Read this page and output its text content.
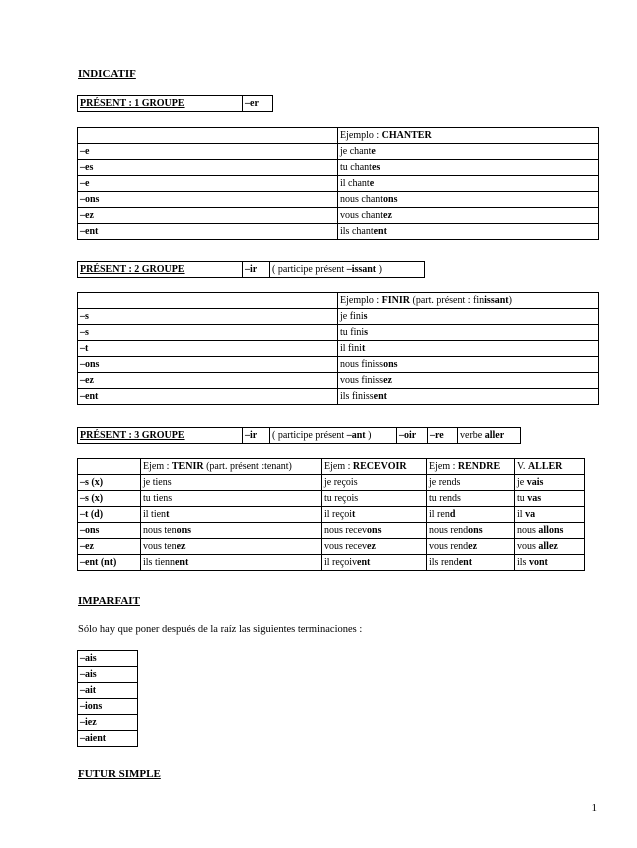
INDICATIF
PRÉSENT : 1 GROUPE	–er
	Ejemplo : CHANTER
–e	je chante
–es	tu chantes
–e	il chante
–ons	nous chantons
–ez	vous chantez
–ent	ils chantent
PRÉSENT : 2 GROUPE	–ir	( participe présent –issant )
	Ejemplo : FINIR (part. présent : finissant)
–s	je finis
–s	tu finis
–t	il finit
–ons	nous finissons
–ez	vous finissez
–ent	ils finissent
PRÉSENT : 3 GROUPE	–ir	( participe présent –ant )	–oir	–re	verbe aller
	Ejem : TENIR (part. présent :tenant)	Ejem : RECEVOIR	Ejem : RENDRE	V. ALLER
–s (x)	je tiens	je reçois	je rends	je vais
–s (x)	tu tiens	tu reçois	tu rends	tu vas
–t (d)	il tient	il reçoit	il rend	il va
–ons	nous tenons	nous recevons	nous rendons	nous allons
–ez	vous tenez	vous recevez	vous rendez	vous allez
–ent (nt)	ils tiennent	il reçoivent	ils rendent	ils vont
IMPARFAIT
Sólo hay que poner después de la raíz las siguientes terminaciones :
–ais
–ais
–ait
–ions
–iez
–aient
FUTUR SIMPLE
1
